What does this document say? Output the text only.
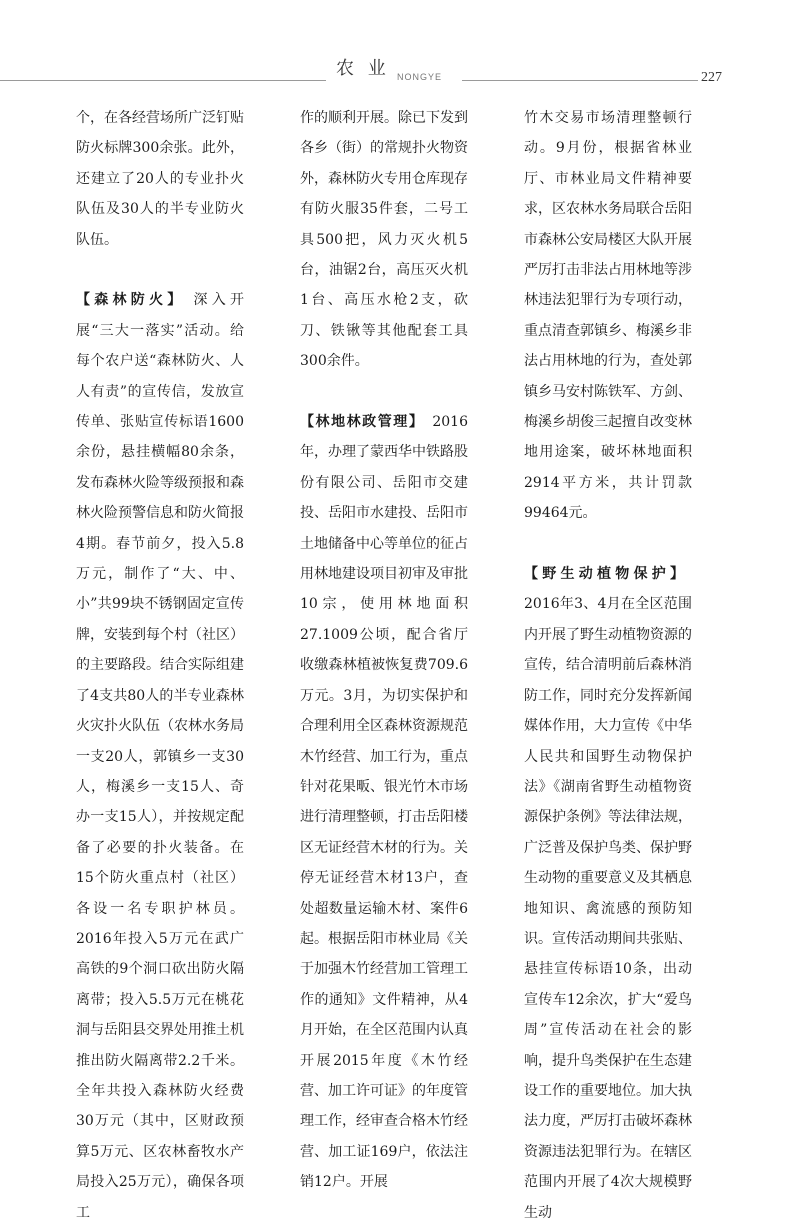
农 业 NONGYE	227

个，在各经营场所广泛钉贴防火标牌300余张。此外，还建立了20人的专业扑火队伍及30人的半专业防火队伍。

【森林防火】 深入开展“三大一落实”活动。给每个农户送“森林防火、人人有责”的宣传信，发放宣传单、张贴宣传标语1600余份，悬挂横幅80余条，发布森林火险等级预报和森林火险预警信息和防火简报4期。春节前夕，投入5.8万元，制作了“大、中、小”共99块不锈钢固定宣传牌，安装到每个村（社区）的主要路段。结合实际组建了4支共80人的半专业森林火灾扑火队伍（农林水务局一支20人，郭镇乡一支30人，梅溪乡一支15人、奇办一支15人），并按规定配备了必要的扑火装备。在15个防火重点村（社区）各设一名专职护林员。2016年投入5万元在武广高铁的9个洞口砍出防火隔离带；投入5.5万元在桃花洞与岳阳县交界处用推土机推出防火隔离带2.2千米。全年共投入森林防火经费30万元（其中，区财政预算5万元、区农林畜牧水产局投入25万元），确保各项工

作的顺利开展。除已下发到各乡（街）的常规扑火物资外，森林防火专用仓库现存有防火服35件套，二号工具500把，风力灭火机5台，油锯2台，高压灭火机1台、高压水枪2支，砍刀、铁锹等其他配套工具300余件。

【林地林政管理】 2016年，办理了蒙西华中铁路股份有限公司、岳阳市交建投、岳阳市水建投、岳阳市土地储备中心等单位的征占用林地建设项目初审及审批10宗，使用林地面积27.1009公顷，配合省厅收缴森林植被恢复费709.6万元。3月，为切实保护和合理利用全区森林资源规范木竹经营、加工行为，重点针对花果畈、银光竹木市场进行清理整顿，打击岳阳楼区无证经营木材的行为。关停无证经营木材13户，查处超数量运输木材、案件6起。根据岳阳市林业局《关于加强木竹经营加工管理工作的通知》文件精神，从4月开始，在全区范围内认真开展2015年度《木竹经营、加工许可证》的年度管理工作，经审查合格木竹经营、加工证169户，依法注销12户。开展

竹木交易市场清理整顿行动。9月份，根据省林业厅、市林业局文件精神要求，区农林水务局联合岳阳市森林公安局楼区大队开展严厉打击非法占用林地等涉林违法犯罪行为专项行动，重点清查郭镇乡、梅溪乡非法占用林地的行为，查处郭镇乡马安村陈铁军、方剑、梅溪乡胡俊三起擅自改变林地用途案，破坏林地面积2914平方米，共计罚款99464元。

【野生动植物保护】2016年3、4月在全区范围内开展了野生动植物资源的宣传，结合清明前后森林消防工作，同时充分发挥新闻媒体作用，大力宣传《中华人民共和国野生动物保护法》《湖南省野生动植物资源保护条例》等法律法规，广泛普及保护鸟类、保护野生动物的重要意义及其栖息地知识、禽流感的预防知识。宣传活动期间共张贴、悬挂宣传标语10条，出动宣传车12余次，扩大“爱鸟周”宣传活动在社会的影响，提升鸟类保护在生态建设工作的重要地位。加大执法力度，严厉打击破坏森林资源违法犯罪行为。在辖区范围内开展了4次大规模野生动
